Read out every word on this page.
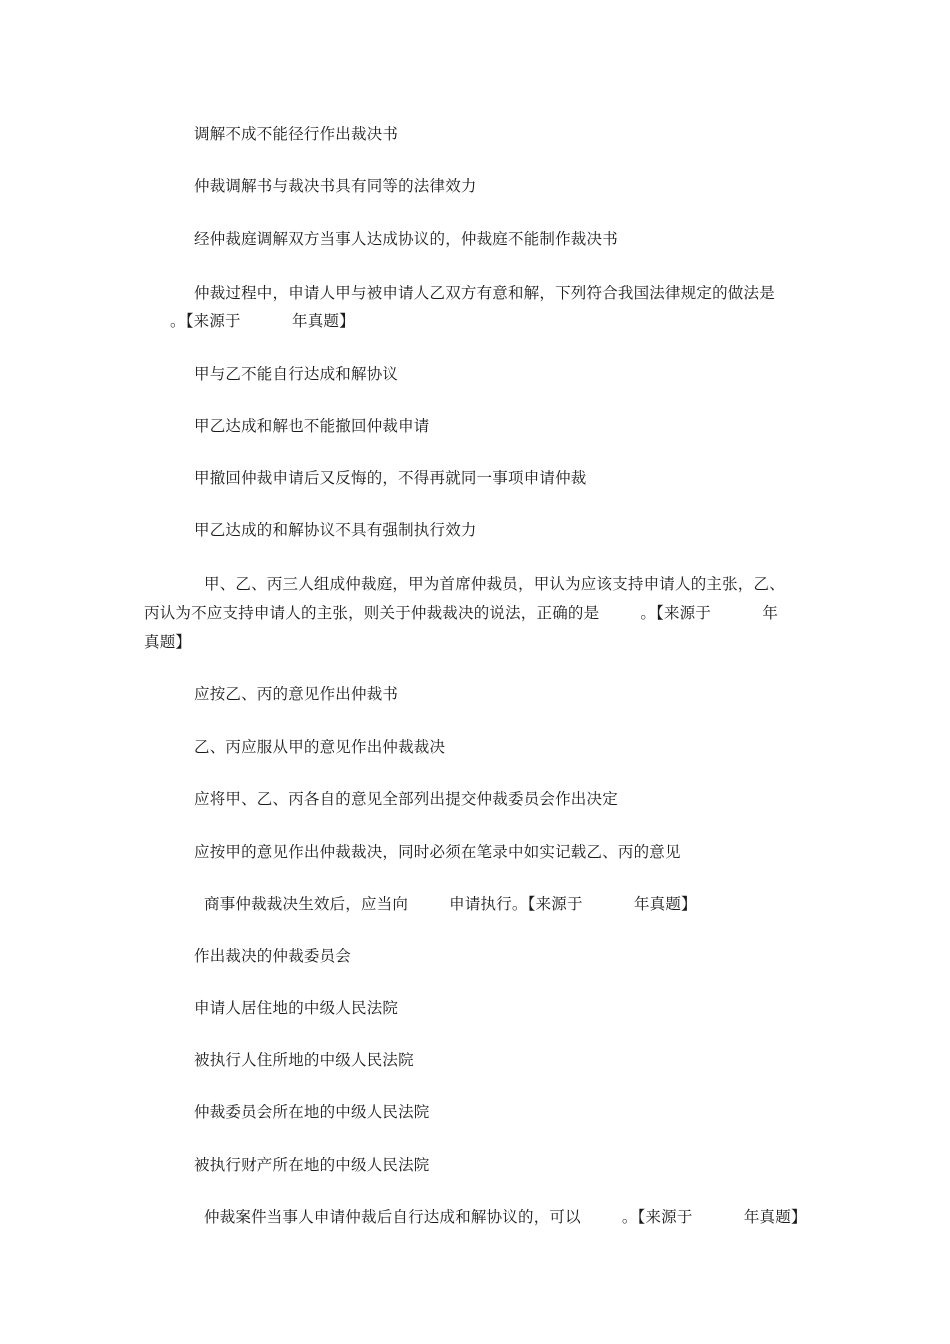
调解不成不能径行作出裁决书
仲裁调解书与裁决书具有同等的法律效力
经仲裁庭调解双方当事人达成协议的，仲裁庭不能制作裁决书
仲裁过程中，申请人甲与被申请人乙双方有意和解，下列符合我国法律规定的做法是
。【来源于          年真题】
甲与乙不能自行达成和解协议
甲乙达成和解也不能撤回仲裁申请
甲撤回仲裁申请后又反悔的，不得再就同一事项申请仲裁
甲乙达成的和解协议不具有强制执行效力
甲、乙、丙三人组成仲裁庭，甲为首席仲裁员，甲认为应该支持申请人的主张，乙、
丙认为不应支持申请人的主张，则关于仲裁裁决的说法，正确的是        。【来源于          年
真题】
应按乙、丙的意见作出仲裁书
乙、丙应服从甲的意见作出仲裁裁决
应将甲、乙、丙各自的意见全部列出提交仲裁委员会作出决定
应按甲的意见作出仲裁裁决，同时必须在笔录中如实记载乙、丙的意见
商事仲裁裁决生效后，应当向        申请执行。【来源于          年真题】
作出裁决的仲裁委员会
申请人居住地的中级人民法院
被执行人住所地的中级人民法院
仲裁委员会所在地的中级人民法院
被执行财产所在地的中级人民法院
仲裁案件当事人申请仲裁后自行达成和解协议的，可以        。【来源于          年真题】
